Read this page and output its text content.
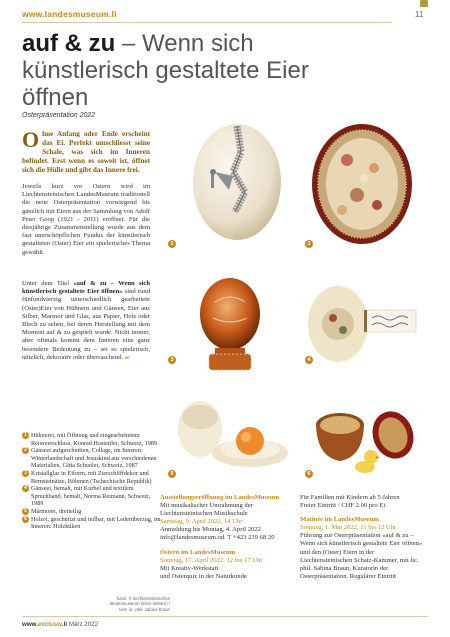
www.landesmuseum.li	11
auf & zu – Wenn sich künstlerisch gestaltete Eier öffnen
Osterpräsentation 2022
Ohne Anfang oder Ende erscheint das Ei. Perfekt umschliesst seine Schale, was sich im Inneren befindet. Erst wenn es soweit ist, öffnet sich die Hülle und gibt das Innere frei.
Jeweils kurz vor Ostern wird im Liechtensteinischen LandesMuseum traditionell die neue Osterpräsentation vorwiegend bis gänzlich mit Eiern aus der Sammlung von Adolf Peter Goop (1921 - 2011) eröffnet. Für die diesjährige Zusammenstellung wurde aus dem fast unerschöpflichen Fundus der künstlerisch gestalteten (Oster) Eier ein spielerisches Thema gewählt.
Unter dem Titel «auf & zu – Wenn sich künstlerisch gestaltete Eier öffnen» sind rund fünfundvierzig unterschiedlich gearbeitete (Oster)Eier von Hühnern und Gänsen, Eier aus Silber, Marmor und Glas, aus Papier, Holz oder Blech zu sehen, bei deren Herstellung mit dem Moment auf & zu gespielt wurde. Nicht immer, aber oftmals kommt dem Inneren eine ganz besondere Bedeutung zu – sei es spielerisch, nützlich, dekorativ oder überraschend. ee
1	2
3	4
5	6
1 Hühnerei, mit Öffnung und eingearbeitetem Reissverschluss, Konrad Hostettler, Schweiz, 1989
2 Gänseei aufgeschnitten, Collage, im Inneren: Winterlandschaft und Jesuskind aus verschiedenen Materialien, Gitta Schuoler, Schweiz, 1987
3 Kristallglas in Eiform, mit Zierschliffdekor und Bernsteinätze, Böhmen (Tschechische Republik)
4 Gänseei, bemalt, mit Kurbel und textilem Spruchband, bemalt, Norma Reimann, Schweiz, 1989
5 Marmorei, dreiteilig
6 Holzei, geschnitzt und teilbar, mit Lederüberzug, im Inneren: Holzküken
fotos: © liechtensteinisches landesmuseum (sven beham) / text: lic. phil. sabina braun
Ausstellungseröffnung im LandesMuseum
Mit musikalischer Umrahmung der Liechtensteinischen Musikschule
Samstag, 9. April 2022, 14 Uhr
Anmeldung bis Montag, 4. April 2022
info@landesmuseum.od. T +423 239 68 20
Ostern im LandesMuseum
Sonntag, 17. April 2022, 12 bis 17 Uhr
Mit Kreativ-Werkstatt
und Osterquiz in der Naturkunde
Für Familien mit Kindern ab 5 Jahren
Freier Eintritt / CHF 2.00 pro Ei
Matinée im LandesMuseum
Sonntag, 1. Mai 2022, 11 bis 12 Uhr
Führung zur Osterpräsentation «auf & zu – Wenn sich künstlerisch gestaltete Eier öffnen» und den (Oster) Eiern in der Liechtensteinischen Schatz-Kammer, mit lic. phil. Sabina Braun, Kuratorin der Osterpräsentation. Regulärer Eintritt
www.exclusiv.li März 2022
